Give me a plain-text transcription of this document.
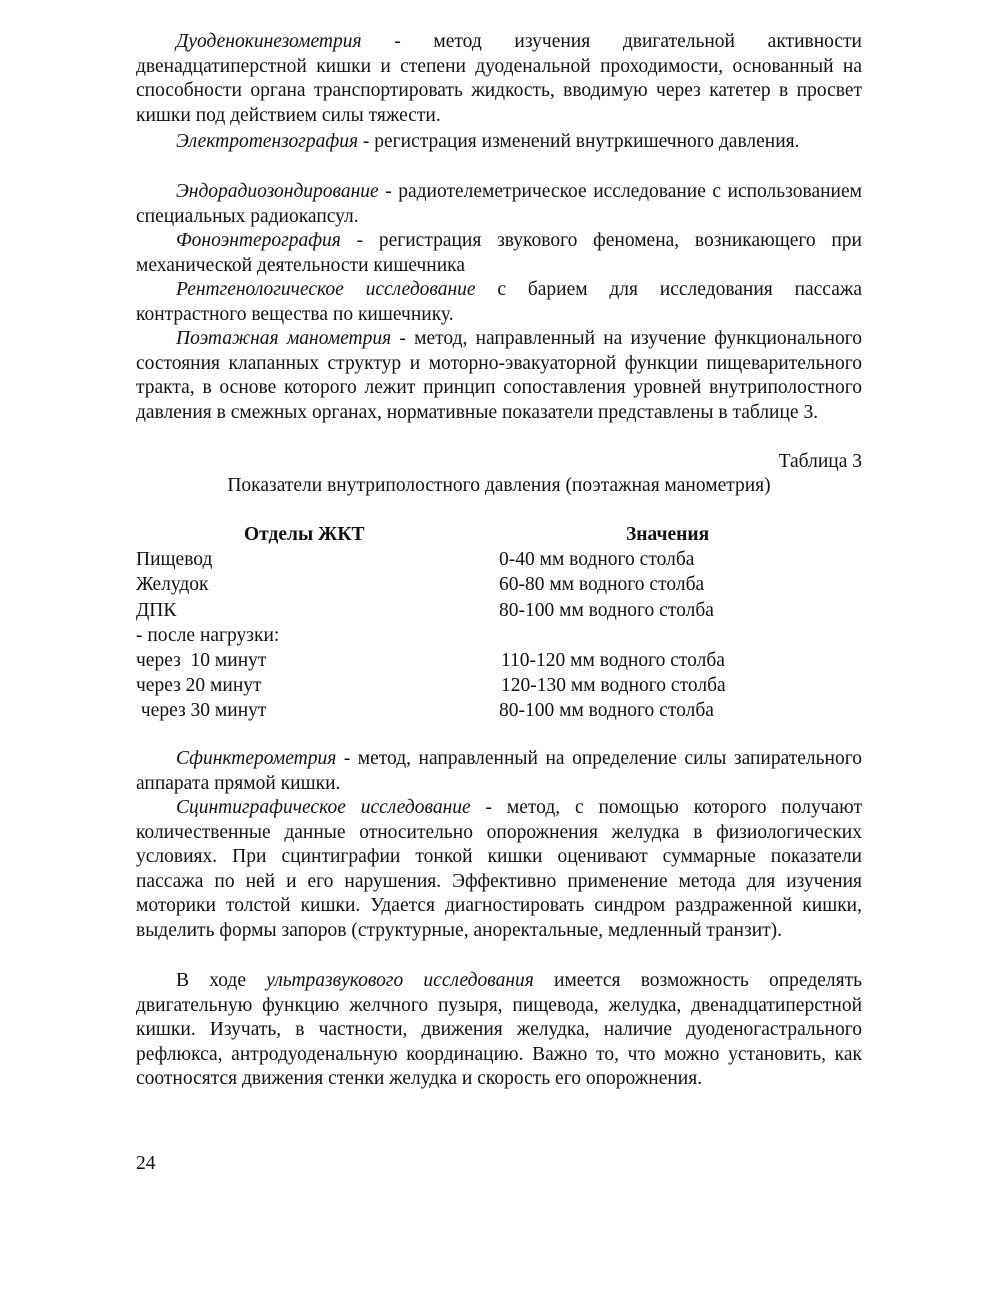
Дуоденокинезометрия - метод изучения двигательной активности двенадцатиперстной кишки и степени дуоденальной проходимости, основанный на способности органа транспортировать жидкость, вводимую через катетер в просвет кишки под действием силы тяжести.
Электротензография - регистрация изменений внутркишечного давления.
Эндорадиозондирование - радиотелеметрическое исследование с использованием специальных радиокапсул.
Фоноэнтерография - регистрация звукового феномена, возникающего при механической деятельности кишечника
Рентгенологическое исследование с барием для исследования пассажа контрастного вещества по кишечнику.
Поэтажная манометрия - метод, направленный на изучение функционального состояния клапанных структур и моторно-эвакуаторной функции пищеварительного тракта, в основе которого лежит принцип сопоставления уровней внутриполостного давления в смежных органах, нормативные показатели представлены в таблице 3.
Таблица 3
Показатели внутриполостного давления (поэтажная манометрия)
Отделы ЖКТ	Значения
Пищевод	0-40 мм водного столба
Желудок	60-80 мм водного столба
ДПК	80-100 мм водного столба
- после нагрузки:
через  10 минут	110-120 мм водного столба
через 20 минут	120-130 мм водного столба
через 30 минут	80-100 мм водного столба
Сфинктерометрия - метод, направленный на определение силы запирательного аппарата прямой кишки.
Сцинтиграфическое исследование - метод, с помощью которого получают количественные данные относительно опорожнения желудка в физиологических условиях. При сцинтиграфии тонкой кишки оценивают суммарные показатели пассажа по ней и его нарушения. Эффективно применение метода для изучения моторики толстой кишки. Удается диагностировать синдром раздраженной кишки, выделить формы запоров (структурные, аноректальные, медленный транзит).
В ходе ультразвукового исследования имеется возможность определять двигательную функцию желчного пузыря, пищевода, желудка, двенадцатиперстной кишки. Изучать, в частности, движения желудка, наличие дуоденогастрального рефлюкса, антродуоденальную координацию. Важно то, что можно установить, как соотносятся движения стенки желудка и скорость его опорожнения.
24
